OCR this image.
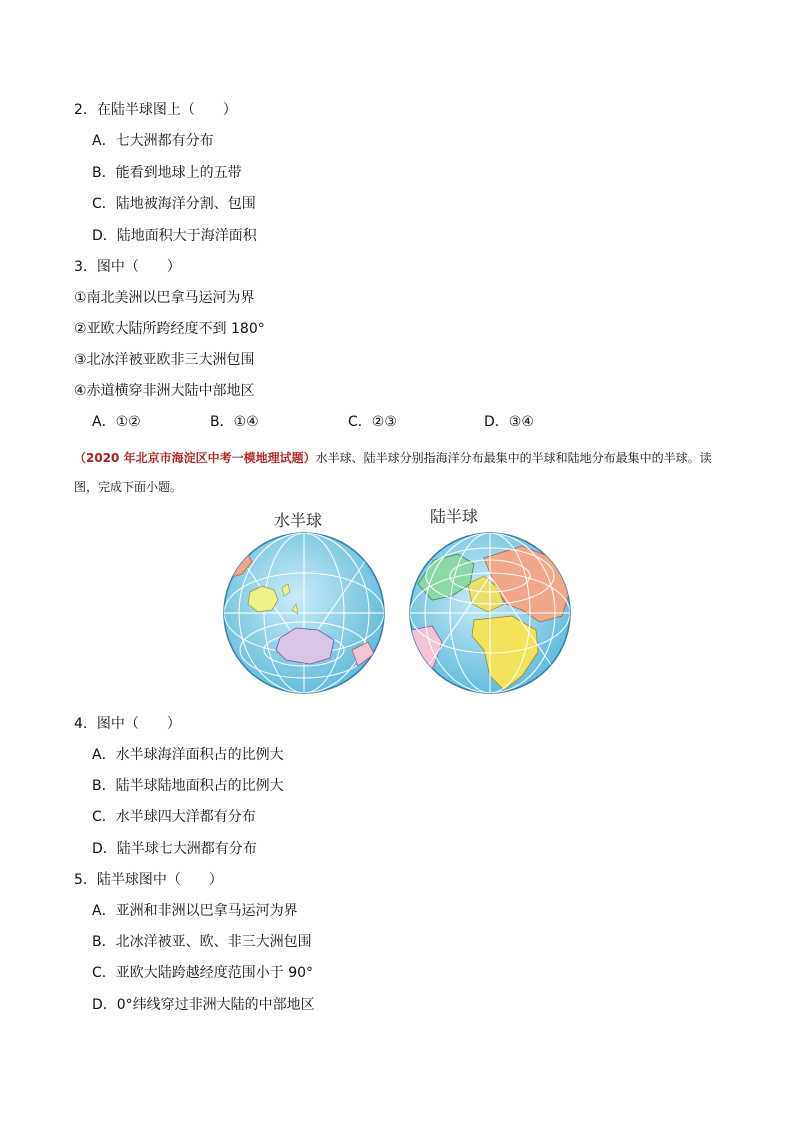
2．在陆半球图上（　　）
A．七大洲都有分布
B．能看到地球上的五带
C．陆地被海洋分割、包围
D．陆地面积大于海洋面积
3．图中（　　）
①南北美洲以巴拿马运河为界
②亚欧大陆所跨经度不到 180°
③北冰洋被亚欧非三大洲包围
④赤道横穿非洲大陆中部地区
A．①②	B．①④	C．②③	D．③④
（2020 年北京市海淀区中考一模地理试题）水半球、陆半球分别指海洋分布最集中的半球和陆地分布最集中的半球。读图，完成下面小题。
水半球	陆半球
4．图中（　　）
A．水半球海洋面积占的比例大
B．陆半球陆地面积占的比例大
C．水半球四大洋都有分布
D．陆半球七大洲都有分布
5．陆半球图中（　　）
A．亚洲和非洲以巴拿马运河为界
B．北冰洋被亚、欧、非三大洲包围
C．亚欧大陆跨越经度范围小于 90°
D．0°纬线穿过非洲大陆的中部地区
